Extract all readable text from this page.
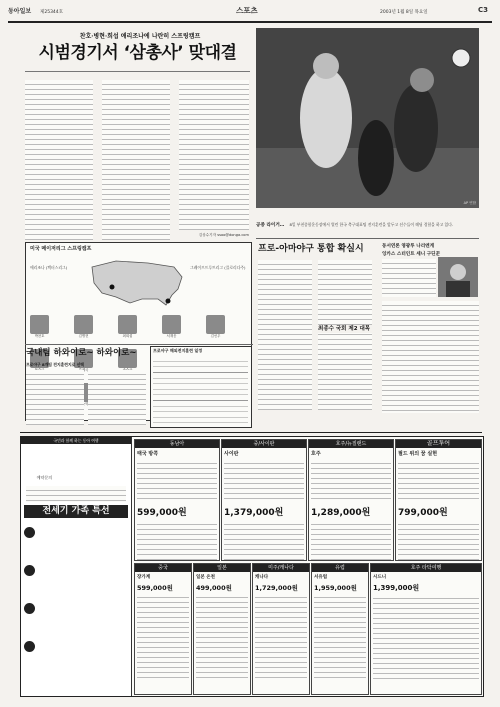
동아일보 제25344호	스포츠	2003년 1월 8일 목요일	C3
찬호·병현·희섭 애리조나에 나란히 스프링캠프
시범경기서 ‘삼총사’ 맞대결
김상수기자 ssoo@donga.com
미국 메이저리그 스프링캠프
애리조나 (캑터스리그)	그레이프프루트리그 (플로리다주)
박찬호	김병현	최희섭	서재응	김선우
AP 연합
공중 라이거… 8일 부천종합운동장에서 열린 한국 축구대표팀 전지훈련을 앞두고 선수들이 헤딩 경합을 하고 있다.
프로-아마야구 통합 확실시
최종수 국회 제2 대목
동서연론 영광투 나리엔게
잉카스 스터인트 세니 구딘꾼
국내팀 하와이로~ 하와이로~
프로야구 8개팀 전지훈련지로 선택
프로야구 해외전지훈련 일정
국민과 함께 하는 동아 여행
donga Travel
예약문의 777-8100
전세기 가족 특선
방콕/파타야
549,000원
푸켓/파타야
599,000원
태국 3색
649,000원
괌 자유여행
449,000원
동남아
태국 방콕
599,000원
중/사이판
사이판
1,379,000원
호주/뉴질랜드
호주
1,289,000원
골프투어
필드 위의 꿈 실현
799,000원
중국
장가계
599,000원
일본
일본 온천
499,000원
미주/캐나다
캐나다
1,729,000원
유럽
서유럽
1,959,000원
호주 타닥여행
시드니
1,399,000원
